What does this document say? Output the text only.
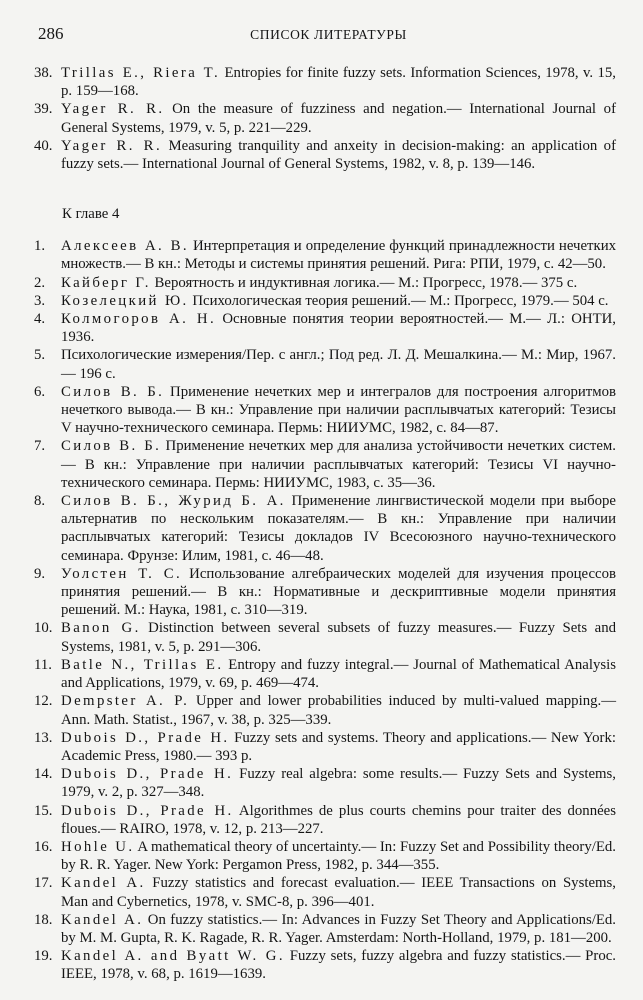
286	СПИСОК ЛИТЕРАТУРЫ
38. Trillas E., Riera T. Entropies for finite fuzzy sets. Information Sciences, 1978, v. 15, p. 159—168.
39. Yager R. R. On the measure of fuzziness and negation.— International Journal of General Systems, 1979, v. 5, p. 221—229.
40. Yager R. R. Measuring tranquility and anxeity in decision-making: an application of fuzzy sets.— International Journal of General Systems, 1982, v. 8, p. 139—146.
К главе 4
1. Алексеев А. В. Интерпретация и определение функций принадлежности нечетких множеств.— В кн.: Методы и системы принятия решений. Рига: РПИ, 1979, с. 42—50.
2. Кайберг Г. Вероятность и индуктивная логика.— М.: Прогресс, 1978.— 375 с.
3. Козелецкий Ю. Психологическая теория решений.— М.: Прогресс, 1979.— 504 с.
4. Колмогоров А. Н. Основные понятия теории вероятностей.— М.— Л.: ОНТИ, 1936.
5. Психологические измерения/Пер. с англ.; Под ред. Л. Д. Мешалкина.— М.: Мир, 1967.— 196 с.
6. Силов В. Б. Применение нечетких мер и интегралов для построения алгоритмов нечеткого вывода.— В кн.: Управление при наличии расплывчатых категорий: Тезисы V научно-технического семинара. Пермь: НИИУМС, 1982, с. 84—87.
7. Силов В. Б. Применение нечетких мер для анализа устойчивости нечетких систем.— В кн.: Управление при наличии расплывчатых категорий: Тезисы VI научно-технического семинара. Пермь: НИИУМС, 1983, с. 35—36.
8. Силов В. Б., Журид Б. А. Применение лингвистической модели при выборе альтернатив по нескольким показателям.— В кн.: Управление при наличии расплывчатых категорий: Тезисы докладов IV Всесоюзного научно-технического семинара. Фрунзе: Илим, 1981, с. 46—48.
9. Уолстен Т. С. Использование алгебраических моделей для изучения процессов принятия решений.— В кн.: Нормативные и дескриптивные модели принятия решений. М.: Наука, 1981, с. 310—319.
10. Banon G. Distinction between several subsets of fuzzy measures.— Fuzzy Sets and Systems, 1981, v. 5, p. 291—306.
11. Batle N., Trillas E. Entropy and fuzzy integral.— Journal of Mathematical Analysis and Applications, 1979, v. 69, p. 469—474.
12. Dempster A. P. Upper and lower probabilities induced by multi-valued mapping.— Ann. Math. Statist., 1967, v. 38, p. 325—339.
13. Dubois D., Prade H. Fuzzy sets and systems. Theory and applications.— New York: Academic Press, 1980.— 393 p.
14. Dubois D., Prade H. Fuzzy real algebra: some results.— Fuzzy Sets and Systems, 1979, v. 2, p. 327—348.
15. Dubois D., Prade H. Algorithmes de plus courts chemins pour traiter des données floues.— RAIRO, 1978, v. 12, p. 213—227.
16. Hohle U. A mathematical theory of uncertainty.— In: Fuzzy Set and Possibility theory/Ed. by R. R. Yager. New York: Pergamon Press, 1982, p. 344—355.
17. Kandel A. Fuzzy statistics and forecast evaluation.— IEEE Transactions on Systems, Man and Cybernetics, 1978, v. SMC-8, p. 396—401.
18. Kandel A. On fuzzy statistics.— In: Advances in Fuzzy Set Theory and Applications/Ed. by M. M. Gupta, R. K. Ragade, R. R. Yager. Amsterdam: North-Holland, 1979, p. 181—200.
19. Kandel A. and Byatt W. G. Fuzzy sets, fuzzy algebra and fuzzy statistics.— Proc. IEEE, 1978, v. 68, p. 1619—1639.
